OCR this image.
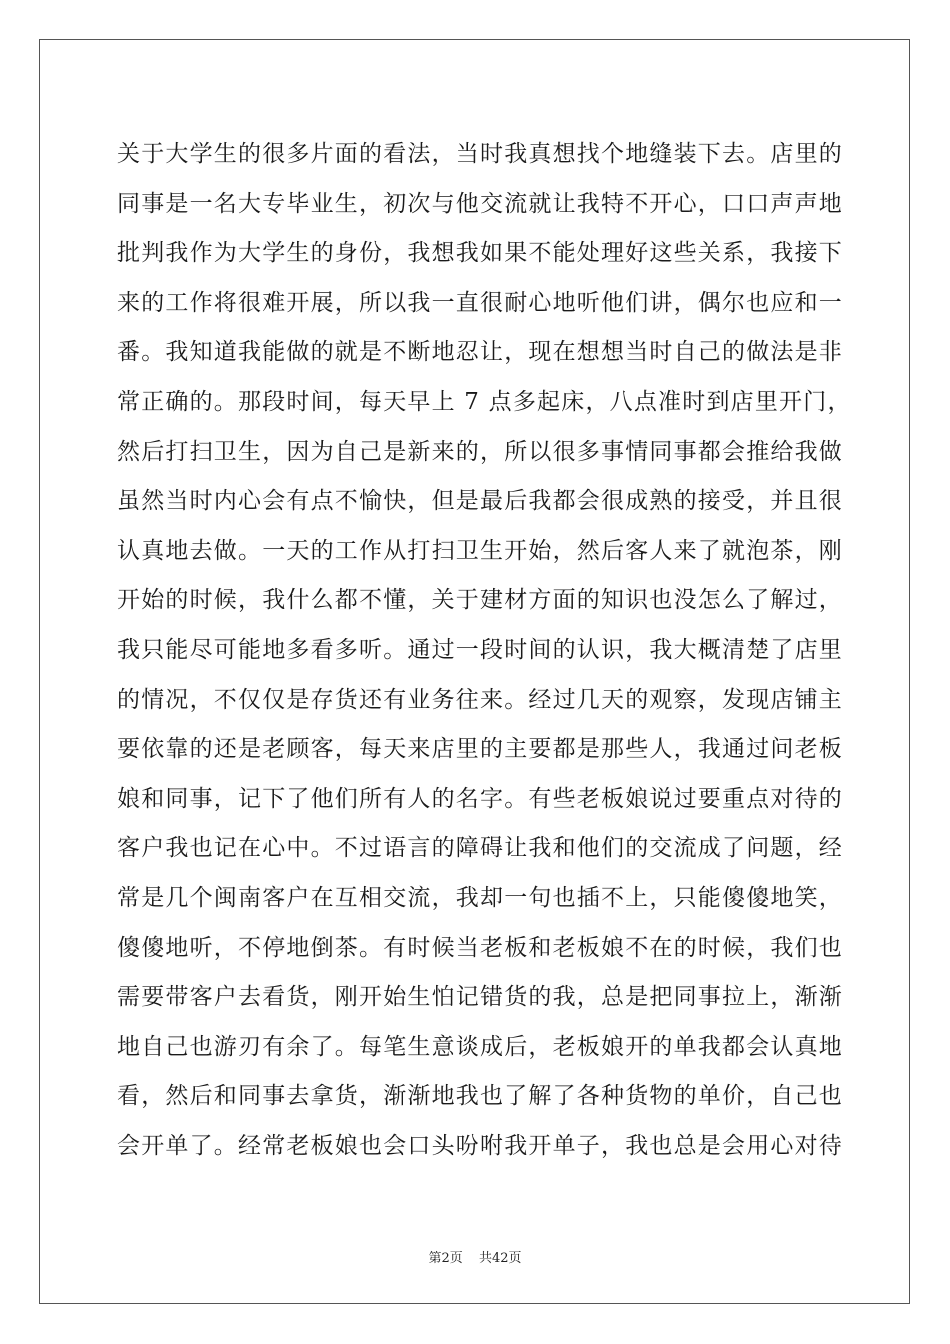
关于大学生的很多片面的看法，当时我真想找个地缝装下去。店里的
同事是一名大专毕业生，初次与他交流就让我特不开心，口口声声地
批判我作为大学生的身份，我想我如果不能处理好这些关系，我接下
来的工作将很难开展，所以我一直很耐心地听他们讲，偶尔也应和一
番。我知道我能做的就是不断地忍让，现在想想当时自己的做法是非
常正确的。那段时间，每天早上 7 点多起床，八点准时到店里开门，
然后打扫卫生，因为自己是新来的，所以很多事情同事都会推给我做
虽然当时内心会有点不愉快，但是最后我都会很成熟的接受，并且很
认真地去做。一天的工作从打扫卫生开始，然后客人来了就泡茶，刚
开始的时候，我什么都不懂，关于建材方面的知识也没怎么了解过，
我只能尽可能地多看多听。通过一段时间的认识，我大概清楚了店里
的情况，不仅仅是存货还有业务往来。经过几天的观察，发现店铺主
要依靠的还是老顾客，每天来店里的主要都是那些人，我通过问老板
娘和同事，记下了他们所有人的名字。有些老板娘说过要重点对待的
客户我也记在心中。不过语言的障碍让我和他们的交流成了问题，经
常是几个闽南客户在互相交流，我却一句也插不上，只能傻傻地笑，
傻傻地听，不停地倒茶。有时候当老板和老板娘不在的时候，我们也
需要带客户去看货，刚开始生怕记错货的我，总是把同事拉上，渐渐
地自己也游刃有余了。每笔生意谈成后，老板娘开的单我都会认真地
看，然后和同事去拿货，渐渐地我也了解了各种货物的单价，自己也
会开单了。经常老板娘也会口头吩咐我开单子，我也总是会用心对待
第2页 共42页
